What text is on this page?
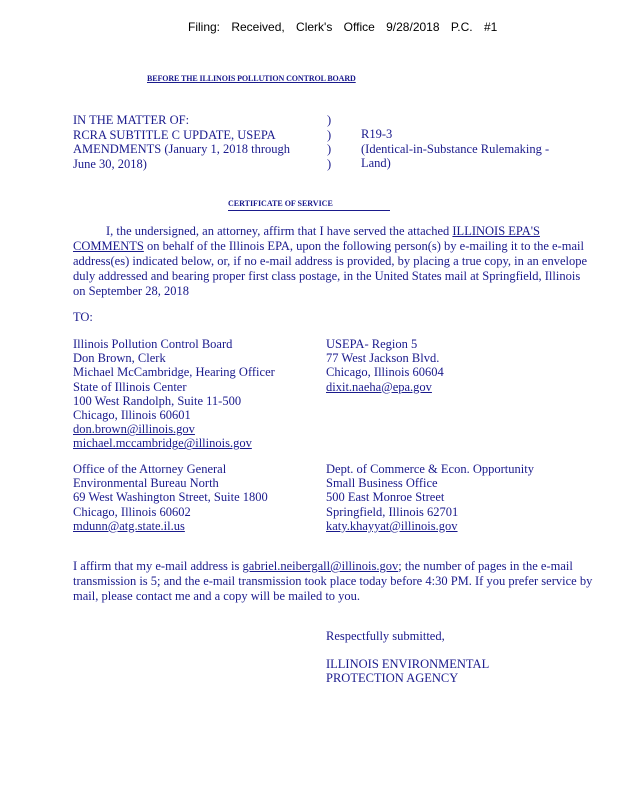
Filing: Received, Clerk's Office 9/28/2018 P.C. #1
BEFORE THE ILLINOIS POLLUTION CONTROL BOARD
IN THE MATTER OF:
RCRA SUBTITLE C UPDATE, USEPA
AMENDMENTS (January 1, 2018 through
June 30, 2018)
)
)
)
)
R19-3
(Identical-in-Substance Rulemaking -
Land)
CERTIFICATE OF SERVICE

I, the undersigned, an attorney, affirm that I have served the attached ILLINOIS EPA'S COMMENTS on behalf of the Illinois EPA, upon the following person(s) by e-mailing it to the e-mail address(es) indicated below, or, if no e-mail address is provided, by placing a true copy, in an envelope duly addressed and bearing proper first class postage, in the United States mail at Springfield, Illinois on September 28, 2018

TO:
Illinois Pollution Control Board
Don Brown, Clerk
Michael McCambridge, Hearing Officer
State of Illinois Center
100 West Randolph, Suite 11-500
Chicago, Illinois 60601
don.brown@illinois.gov
michael.mccambridge@illinois.gov
USEPA- Region 5
77 West Jackson Blvd.
Chicago, Illinois 60604
dixit.naeha@epa.gov
Office of the Attorney General
Environmental Bureau North
69 West Washington Street, Suite 1800
Chicago, Illinois 60602
mdunn@atg.state.il.us
Dept. of Commerce & Econ. Opportunity
Small Business Office
500 East Monroe Street
Springfield, Illinois 62701
katy.khayyat@illinois.gov

I affirm that my e-mail address is gabriel.neibergall@illinois.gov; the number of pages in the e-mail transmission is 5; and the e-mail transmission took place today before 4:30 PM. If you prefer service by mail, please contact me and a copy will be mailed to you.

Respectfully submitted,
ILLINOIS ENVIRONMENTAL
PROTECTION AGENCY
